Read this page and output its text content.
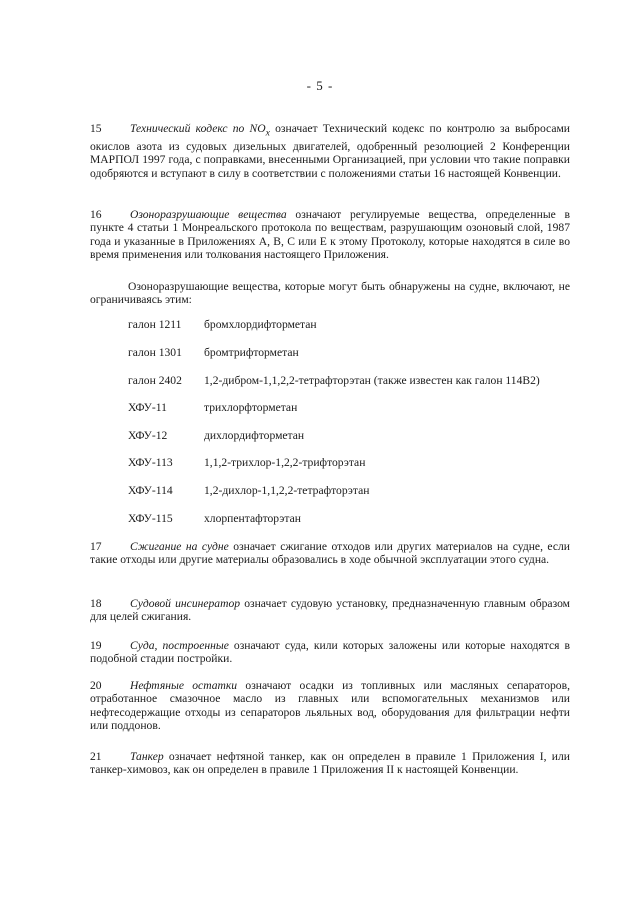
- 5 -
15 Технический кодекс по $NO_x$ означает Технический кодекс по контролю за выбросами окислов азота из судовых дизельных двигателей, одобренный резолюцией 2 Конференции МАРПОЛ 1997 года, с поправками, внесенными Организацией, при условии что такие поправки одобряются и вступают в силу в соответствии с положениями статьи 16 настоящей Конвенции.
16 Озоноразрушающие вещества означают регулируемые вещества, определенные в пункте 4 статьи 1 Монреальского протокола по веществам, разрушающим озоновый слой, 1987 года и указанные в Приложениях A, B, C или E к этому Протоколу, которые находятся в силе во время применения или толкования настоящего Приложения.
Озоноразрушающие вещества, которые могут быть обнаружены на судне, включают, не ограничиваясь этим:
галон 1211 бромхлордифторметан
галон 1301 бромтрифторметан
галон 2402 1,2-дибром-1,1,2,2-тетрафторэтан (также известен как галон 114В2)
ХФУ-11	трихлорфторметан
ХФУ-12	дихлордифторметан
ХФУ-113	1,1,2-трихлор-1,2,2-трифторэтан
ХФУ-114	1,2-дихлор-1,1,2,2-тетрафторэтан
ХФУ-115	хлорпентафторэтан
17 Сжигание на судне означает сжигание отходов или других материалов на судне, если такие отходы или другие материалы образовались в ходе обычной эксплуатации этого судна.
18 Судовой инсинератор означает судовую установку, предназначенную главным образом для целей сжигания.
19 Суда, построенные означают суда, кили которых заложены или которые находятся в подобной стадии постройки.
20 Нефтяные остатки означают осадки из топливных или масляных сепараторов, отработанное смазочное масло из главных или вспомогательных механизмов или нефтесодержащие отходы из сепараторов льяльных вод, оборудования для фильтрации нефти или поддонов.
21 Танкер означает нефтяной танкер, как он определен в правиле 1 Приложения I, или танкер-химовоз, как он определен в правиле 1 Приложения II к настоящей Конвенции.
